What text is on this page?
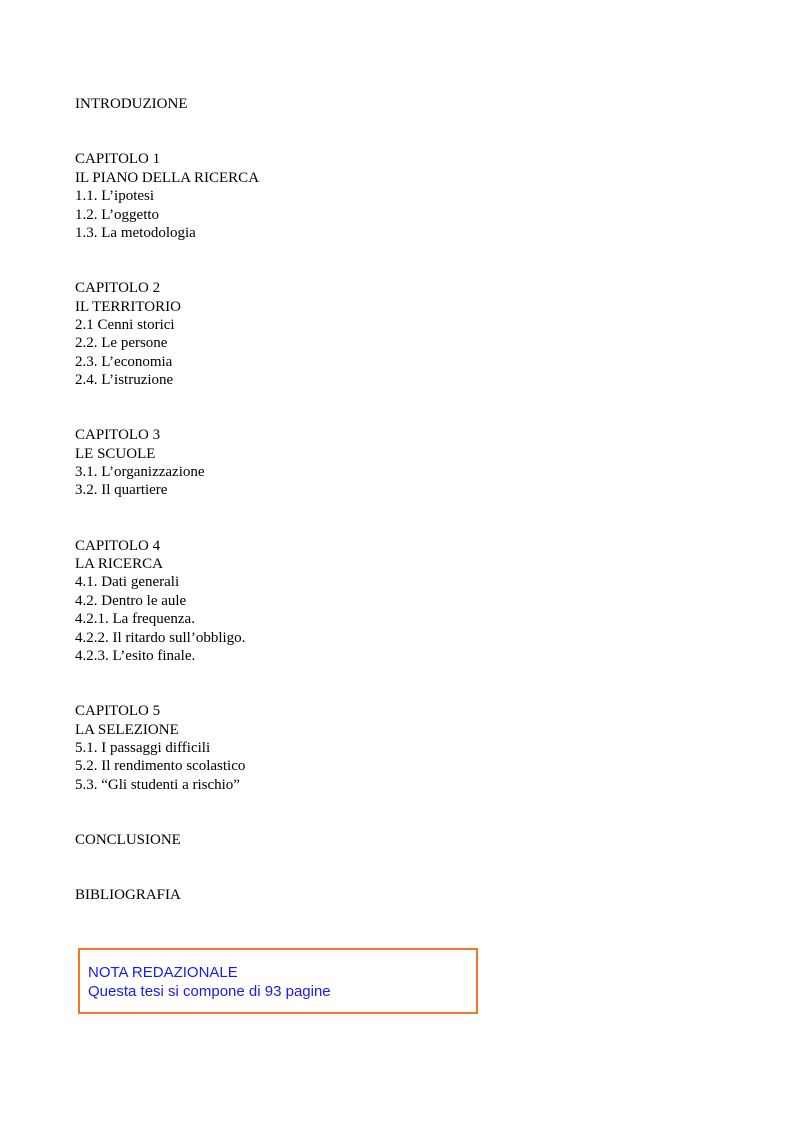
INTRODUZIONE

CAPITOLO 1

IL PIANO DELLA RICERCA

1.1. L’ipotesi

1.2. L’oggetto

1.3. La metodologia

CAPITOLO 2

IL TERRITORIO

2.1 Cenni storici

2.2. Le persone

2.3. L’economia

2.4. L’istruzione

CAPITOLO 3

LE SCUOLE

3.1. L’organizzazione

3.2. Il quartiere

CAPITOLO 4

LA RICERCA

4.1. Dati generali

4.2. Dentro le aule

4.2.1. La frequenza.

4.2.2. Il ritardo sull’obbligo.

4.2.3. L’esito finale.

CAPITOLO 5

LA SELEZIONE

5.1. I passaggi difficili

5.2. Il rendimento scolastico

5.3. “Gli studenti a rischio”

CONCLUSIONE

BIBLIOGRAFIA

NOTA REDAZIONALE

Questa tesi si compone di 93 pagine
